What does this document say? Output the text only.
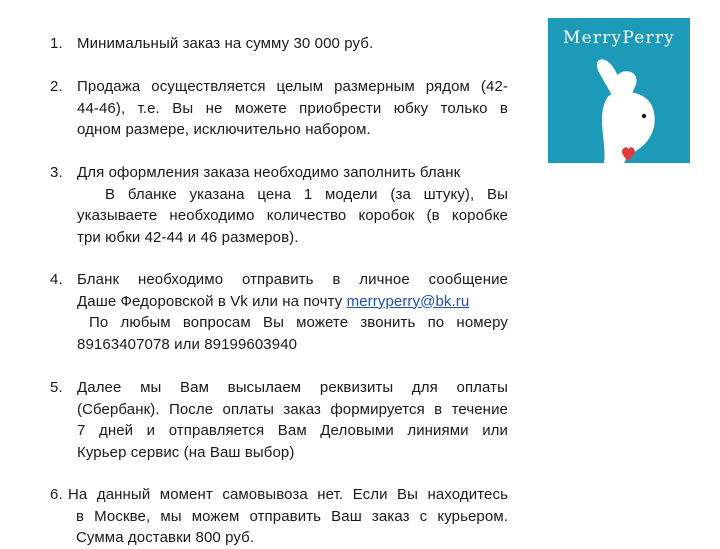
1. Минимальный заказ на сумму 30 000 руб.
2. Продажа осуществляется целым размерным рядом (42-
44-46), т.е. Вы не можете приобрести юбку только в
одном размере, исключительно набором.
3. Для оформления заказа необходимо заполнить бланк
В бланке указана цена 1 модели (за штуку), Вы
указываете необходимо количество коробок (в коробке
три юбки 42-44 и 46 размеров).
4. Бланк необходимо отправить в личное сообщение
Даше Федоровской в Vk или на почту merryperry@bk.ru
По любым вопросам Вы можете звонить по номеру
89163407078 или 89199603940
5. Далее мы Вам высылаем реквизиты для оплаты
(Сбербанк). После оплаты заказ формируется в течение
7 дней и отправляется Вам Деловыми линиями или
Курьер сервис (на Ваш выбор)
6. На данный момент самовывоза нет. Если Вы находитесь
в Москве, мы можем отправить Ваш заказ с курьером.
Сумма доставки 800 руб.
MerryPerry
